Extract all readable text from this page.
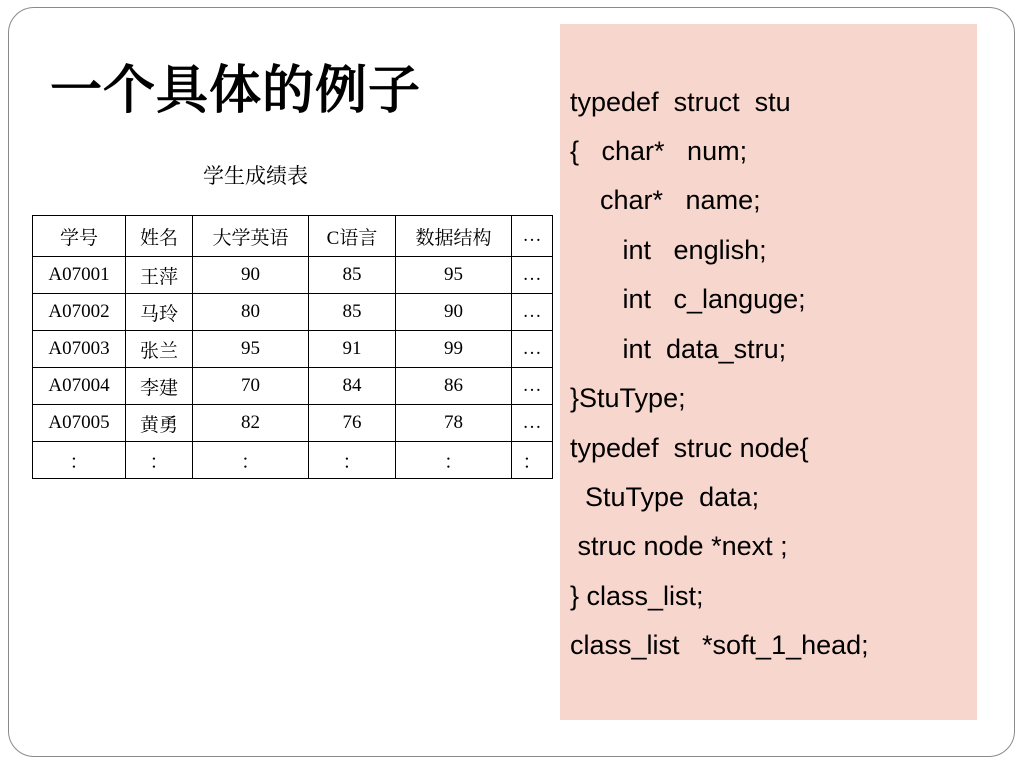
一个具体的例子
学生成绩表
学号	姓名	大学英语	C语言	数据结构	…
A07001	王萍	90	85	95	…
A07002	马玲	80	85	90	…
A07003	张兰	95	91	99	…
A07004	李建	70	84	86	…
A07005	黄勇	82	76	78	…
：	：	：	：	：	：
typedef  struct  stu
{   char*   num;
char*   name;
int   english;
int   c_languge;
int  data_stru;
}StuType;
typedef  struc node{
StuType  data;
struc node *next ;
} class_list;
class_list   *soft_1_head;
